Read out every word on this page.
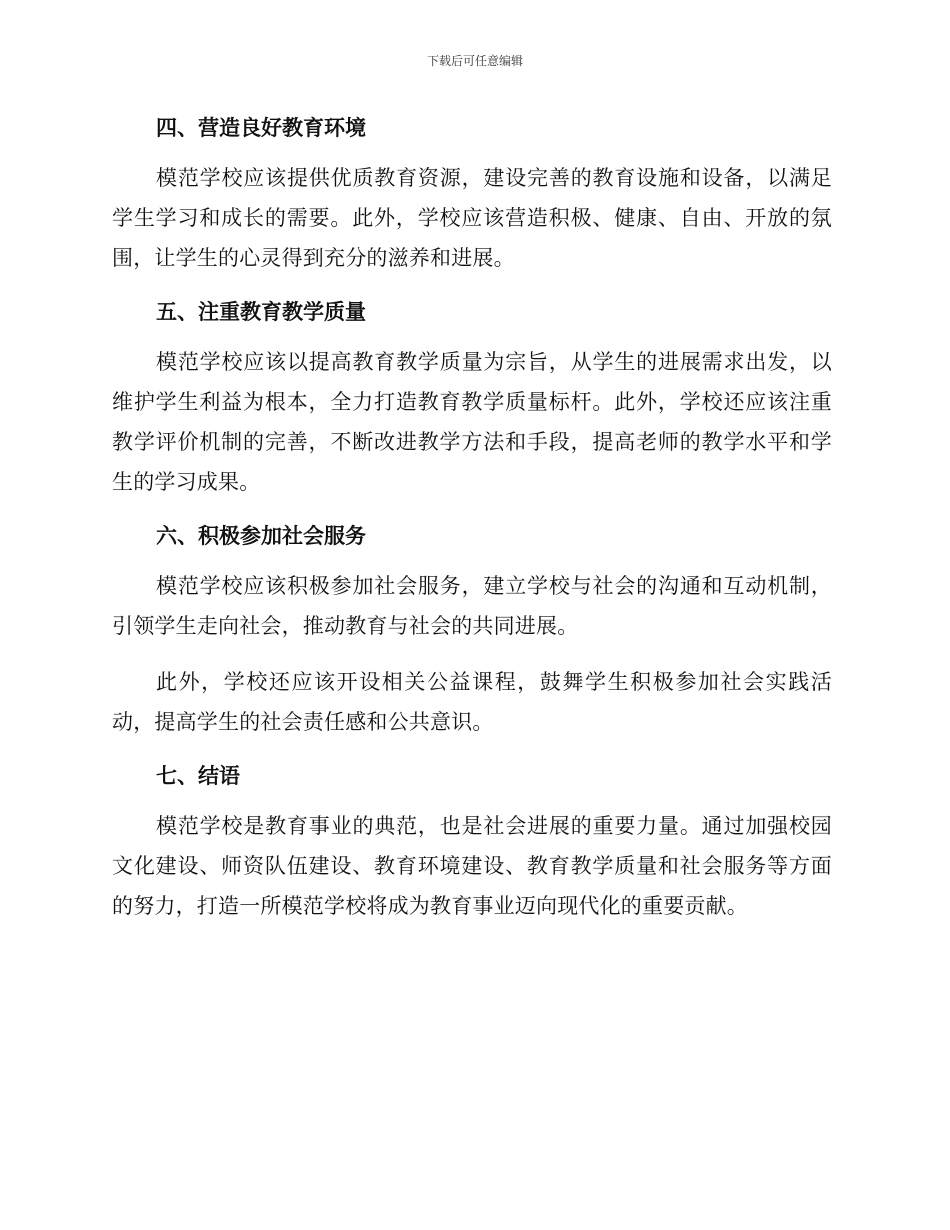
下载后可任意编辑
四、营造良好教育环境

模范学校应该提供优质教育资源，建设完善的教育设施和设备，以满足学生学习和成长的需要。此外，学校应该营造积极、健康、自由、开放的氛围，让学生的心灵得到充分的滋养和进展。

五、注重教育教学质量

模范学校应该以提高教育教学质量为宗旨，从学生的进展需求出发，以维护学生利益为根本，全力打造教育教学质量标杆。此外，学校还应该注重教学评价机制的完善，不断改进教学方法和手段，提高老师的教学水平和学生的学习成果。

六、积极参加社会服务

模范学校应该积极参加社会服务，建立学校与社会的沟通和互动机制，引领学生走向社会，推动教育与社会的共同进展。

此外，学校还应该开设相关公益课程，鼓舞学生积极参加社会实践活动，提高学生的社会责任感和公共意识。

七、结语

模范学校是教育事业的典范，也是社会进展的重要力量。通过加强校园文化建设、师资队伍建设、教育环境建设、教育教学质量和社会服务等方面的努力，打造一所模范学校将成为教育事业迈向现代化的重要贡献。
